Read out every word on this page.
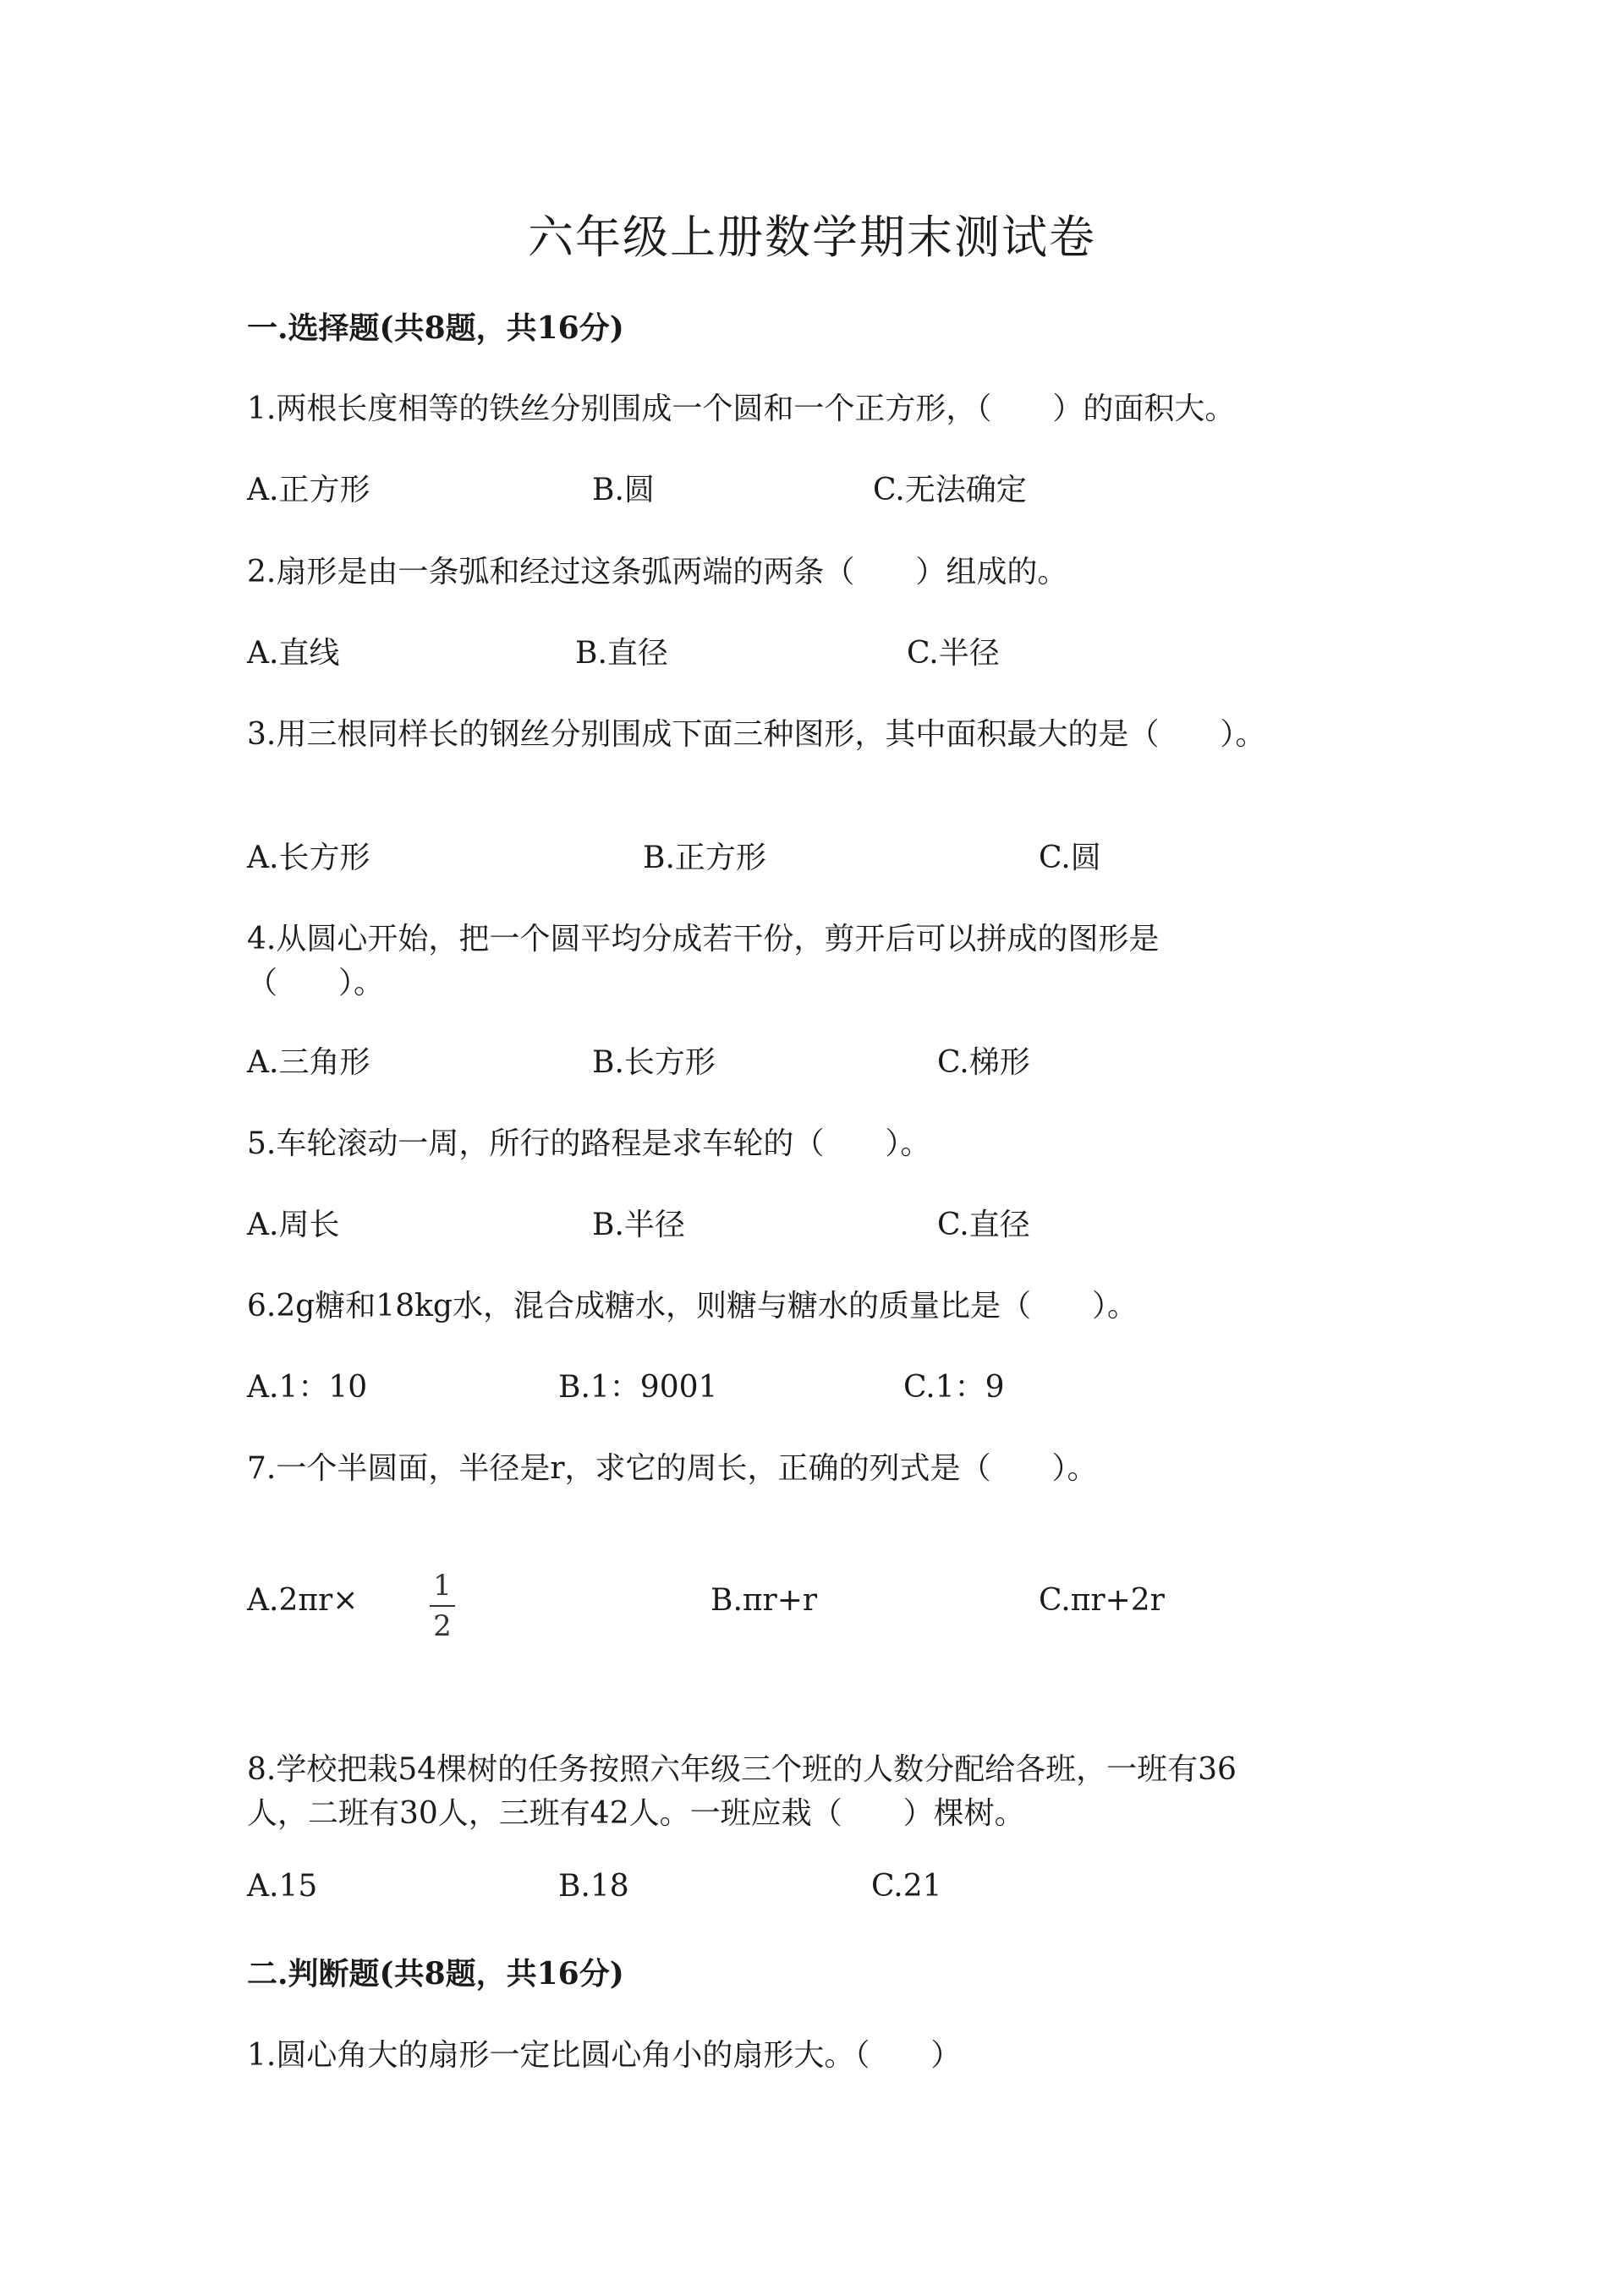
六年级上册数学期末测试卷
一.选择题(共8题，共16分)
1.两根长度相等的铁丝分别围成一个圆和一个正方形，（　　）的面积大。
A.正方形	B.圆	C.无法确定
2.扇形是由一条弧和经过这条弧两端的两条（　　）组成的。
A.直线	B.直径	C.半径
3.用三根同样长的钢丝分别围成下面三种图形，其中面积最大的是（　　）。
A.长方形	B.正方形	C.圆
4.从圆心开始，把一个圆平均分成若干份，剪开后可以拼成的图形是
（　　）。
A.三角形	B.长方形	C.梯形
5.车轮滚动一周，所行的路程是求车轮的（　　）。
A.周长	B.半径	C.直径
6.2g糖和18kg水，混合成糖水，则糖与糖水的质量比是（　　）。
A.1：10	B.1：9001	C.1：9
7.一个半圆面，半径是r，求它的周长，正确的列式是（　　）。
A.2πr×	1
2
B.πr+r	C.πr+2r
8.学校把栽54棵树的任务按照六年级三个班的人数分配给各班，一班有36
人，二班有30人，三班有42人。一班应栽（　　）棵树。
A.15	B.18	C.21
二.判断题(共8题，共16分)
1.圆心角大的扇形一定比圆心角小的扇形大。（　　）
